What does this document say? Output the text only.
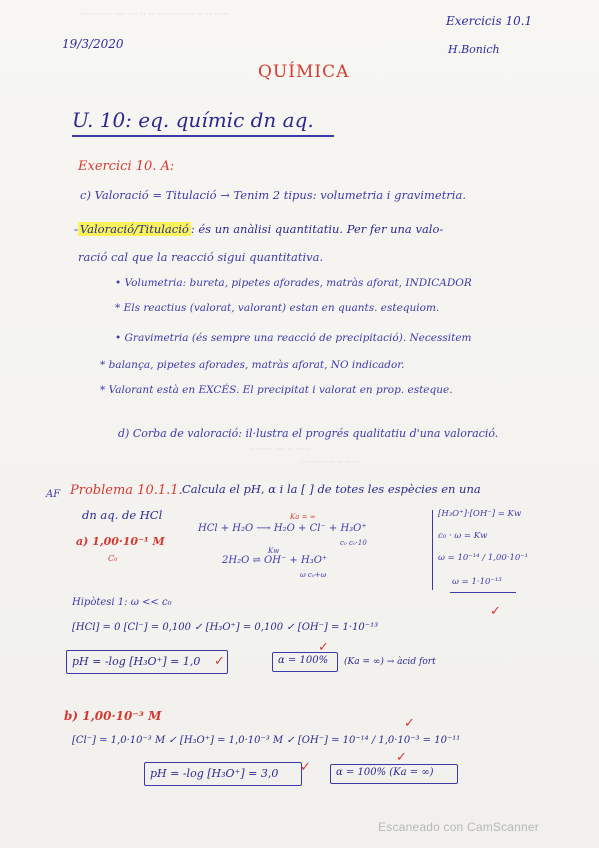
··········· ···· ··· ·· ·· ············· ·· ·· ·····
········ ··· ·· ·····
············ ·· ·····
19/3/2020
Exercicis 10.1
H.Bonich
QUÍMICA
U. 10: eq. químic dn aq.
Exercici 10. A:
c) Valoració = Titulació → Tenim 2 tipus: volumetria i gravimetria.
- Valoració/Titulació : és un anàlisi quantitatiu. Per fer una valo-
ració cal que la reacció sigui quantitativa.
• Volumetria: bureta, pipetes aforades, matràs aforat, INDICADOR
* Els reactius (valorat, valorant) estan en quants. estequiom.
• Gravimetria (és sempre una reacció de precipitació). Necessitem
* balança, pipetes aforades, matràs aforat, NO indicador.
* Valorant està en EXCÉS. El precipitat i valorat en prop. esteque.
d) Corba de valoració: il·lustra el progrés qualitatiu d'una valoració.
AF Problema 10.1.1. Calcula el pH, α i la [ ] de totes les espècies en una
dn aq. de HCl
a) 1,00·10⁻¹ M
C₀
HCl + H₂O ⟶ H₂O + Cl⁻ + H₃O⁺
Ka = ∞
c₀ c₀·10
2H₂O ⇌ OH⁻ + H₃O⁺
Kw
ω c₀+ω
[H₃O⁺]·[OH⁻] = Kw
c₀ · ω = Kw
ω = 10⁻¹⁴ / 1,00·10⁻¹
ω = 1·10⁻¹³
Hipòtesi 1: ω << c₀
[HCl] = 0 [Cl⁻] = 0,100 ✓ [H₃O⁺] = 0,100 ✓ [OH⁻] = 1·10⁻¹³
✓
pH = -log [H₃O⁺] = 1,0 ✓	α = 100%
✓
(Ka = ∞) → àcid fort
b) 1,00·10⁻³ M
[Cl⁻] = 1,0·10⁻³ M ✓ [H₃O⁺] = 1,0·10⁻³ M ✓ [OH⁻] = 10⁻¹⁴ / 1,0·10⁻³ = 10⁻¹¹
✓
pH = -log [H₃O⁺] = 3,0 ✓	α = 100% (Ka = ∞)
✓
Escaneado con CamScanner
